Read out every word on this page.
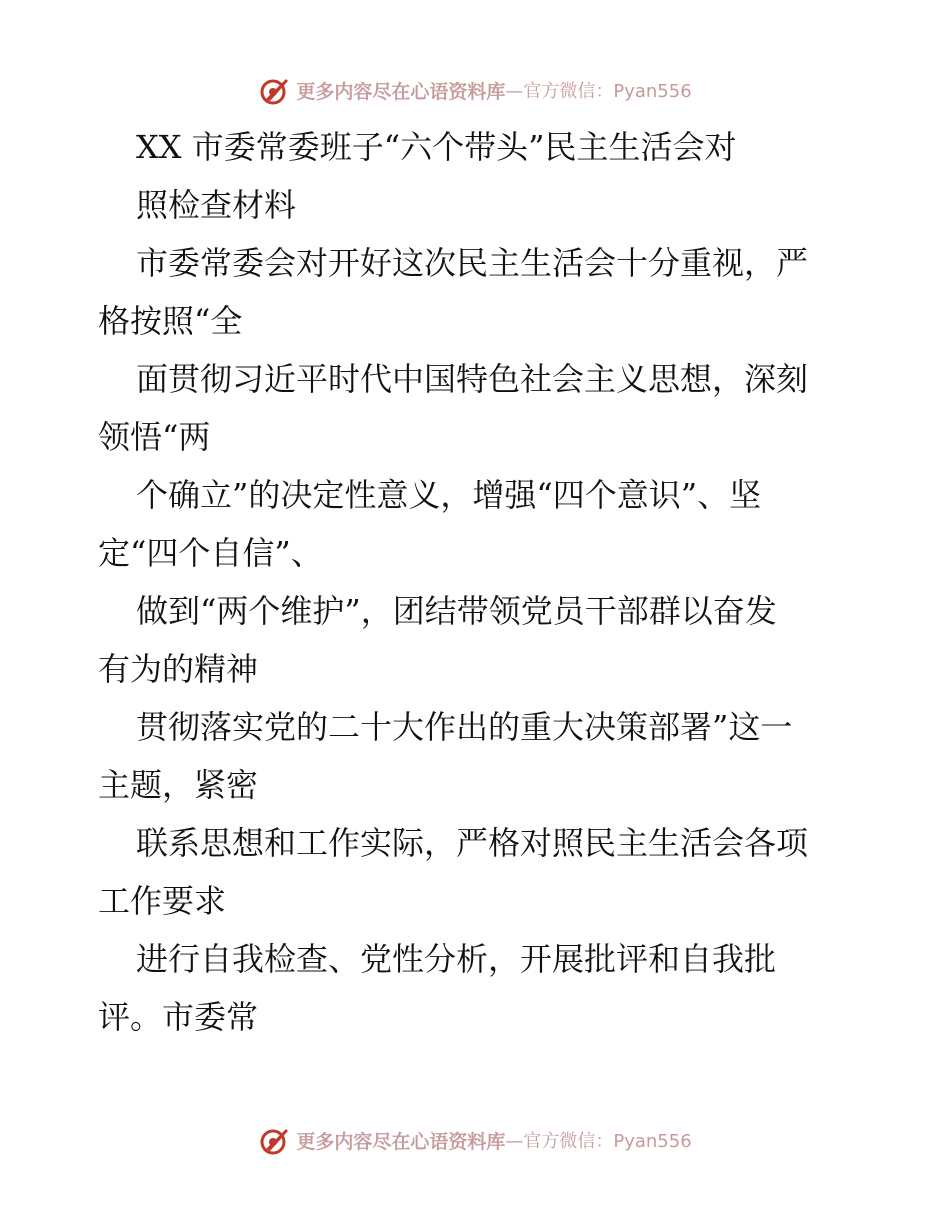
更多内容尽在心语资料库 —官方微信：Pyan556
XX 市委常委班子“六个带头”民主生活会对
照检查材料
市委常委会对开好这次民主生活会十分重视，严
格按照“全
面贯彻习近平时代中国特色社会主义思想，深刻
领悟“两
个确立”的决定性意义，增强“四个意识”、坚
定“四个自信”、
做到“两个维护”，团结带领党员干部群以奋发
有为的精神
贯彻落实党的二十大作出的重大决策部署”这一
主题，紧密
联系思想和工作实际，严格对照民主生活会各项
工作要求
进行自我检查、党性分析，开展批评和自我批
评。市委常
更多内容尽在心语资料库 —官方微信：Pyan556
